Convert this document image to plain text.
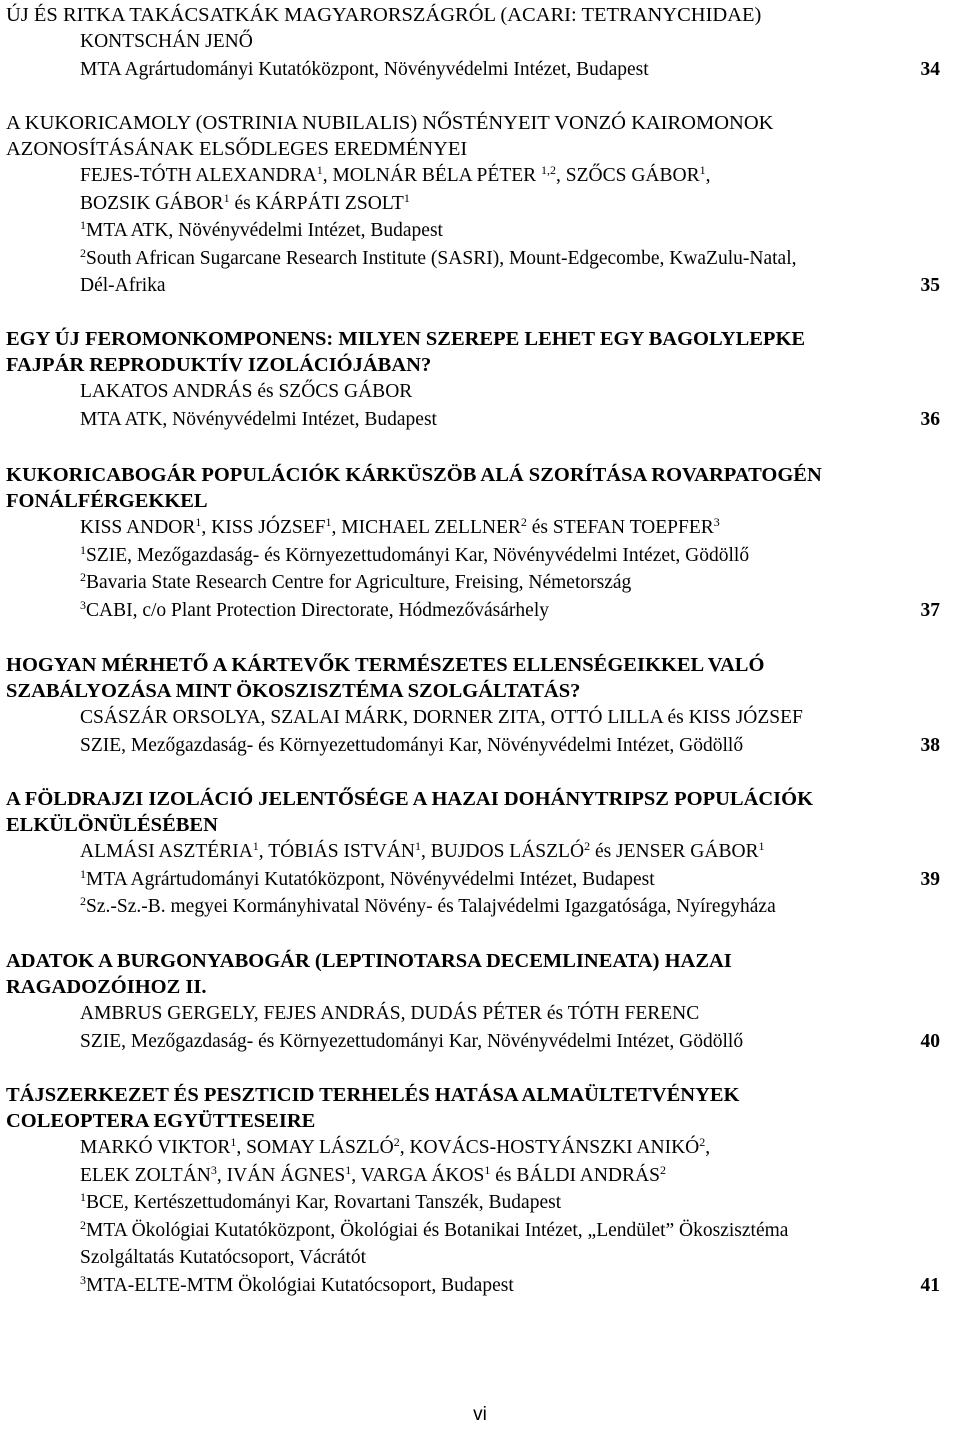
ÚJ ÉS RITKA TAKÁCSATKÁK MAGYARORSZÁGRÓL (ACARI: TETRANYCHIDAE)
KONTSCHÁN JENŐ
MTA Agrártudományi Kutatóközpont, Növényvédelmi Intézet, Budapest	34
A KUKORICAMOLY (OSTRINIA NUBILALIS) NŐSTÉNYEIT VONZÓ KAIROMONOK
AZONOSÍTÁSÁNAK ELSŐDLEGES EREDMÉNYEI
FEJES-TÓTH ALEXANDRA$^1$, MOLNÁR BÉLA PÉTER $^{1,2}$, SZŐCS GÁBOR$^1$,
BOZSIK GÁBOR$^1$ és KÁRPÁTI ZSOLT$^1$
$^1$MTA ATK, Növényvédelmi Intézet, Budapest
$^2$South African Sugarcane Research Institute (SASRI), Mount-Edgecombe, KwaZulu-Natal,
Dél-Afrika	35
EGY ÚJ FEROMONKOMPONENS: MILYEN SZEREPE LEHET EGY BAGOLYLEPKE
FAJPÁR REPRODUKTÍV IZOLÁCIÓJÁBAN?
LAKATOS ANDRÁS és SZŐCS GÁBOR
MTA ATK, Növényvédelmi Intézet, Budapest	36
KUKORICABOGÁR POPULÁCIÓK KÁRKÜSZÖB ALÁ SZORÍTÁSA ROVARPATOGÉN
FONÁLFÉRGEKKEL
KISS ANDOR$^1$, KISS JÓZSEF$^1$, MICHAEL ZELLNER$^2$ és STEFAN TOEPFER$^3$
$^1$SZIE, Mezőgazdaság- és Környezettudományi Kar, Növényvédelmi Intézet, Gödöllő
$^2$Bavaria State Research Centre for Agriculture, Freising, Németország
$^3$CABI, c/o Plant Protection Directorate, Hódmezővásárhely	37
HOGYAN MÉRHETŐ A KÁRTEVŐK TERMÉSZETES ELLENSÉGEIKKEL VALÓ
SZABÁLYOZÁSA MINT ÖKOSZISZTÉMA SZOLGÁLTATÁS?
CSÁSZÁR ORSOLYA, SZALAI MÁRK, DORNER ZITA, OTTÓ LILLA és KISS JÓZSEF
SZIE, Mezőgazdaság- és Környezettudományi Kar, Növényvédelmi Intézet, Gödöllő	38
A FÖLDRAJZI IZOLÁCIÓ JELENTŐSÉGE A HAZAI DOHÁNYTRIPSZ POPULÁCIÓK
ELKÜLÖNÜLÉSÉBEN
ALMÁSI ASZTÉRIA$^1$, TÓBIÁS ISTVÁN$^1$, BUJDOS LÁSZLÓ$^2$ és JENSER GÁBOR$^1$
$^1$MTA Agrártudományi Kutatóközpont, Növényvédelmi Intézet, Budapest	39
$^2$Sz.-Sz.-B. megyei Kormányhivatal Növény- és Talajvédelmi Igazgatósága, Nyíregyháza
ADATOK A BURGONYABOGÁR (LEPTINOTARSA DECEMLINEATA) HAZAI
RAGADOZÓIHOZ II.
AMBRUS GERGELY, FEJES ANDRÁS, DUDÁS PÉTER és TÓTH FERENC
SZIE, Mezőgazdaság- és Környezettudományi Kar, Növényvédelmi Intézet, Gödöllő	40
TÁJSZERKEZET ÉS PESZTICID TERHELÉS HATÁSA ALMAÜLTETVÉNYEK
COLEOPTERA EGYÜTTESEIRE
MARKÓ VIKTOR$^1$, SOMAY LÁSZLÓ$^2$, KOVÁCS-HOSTYÁNSZKI ANIKÓ$^2$,
ELEK ZOLTÁN$^3$, IVÁN ÁGNES$^1$, VARGA ÁKOS$^1$ és BÁLDI ANDRÁS$^2$
$^1$BCE, Kertészettudományi Kar, Rovartani Tanszék, Budapest
$^2$MTA Ökológiai Kutatóközpont, Ökológiai és Botanikai Intézet, „Lendület” Ökoszisztéma
Szolgáltatás Kutatócsoport, Vácrátót
$^3$MTA-ELTE-MTM Ökológiai Kutatócsoport, Budapest	41
vi
